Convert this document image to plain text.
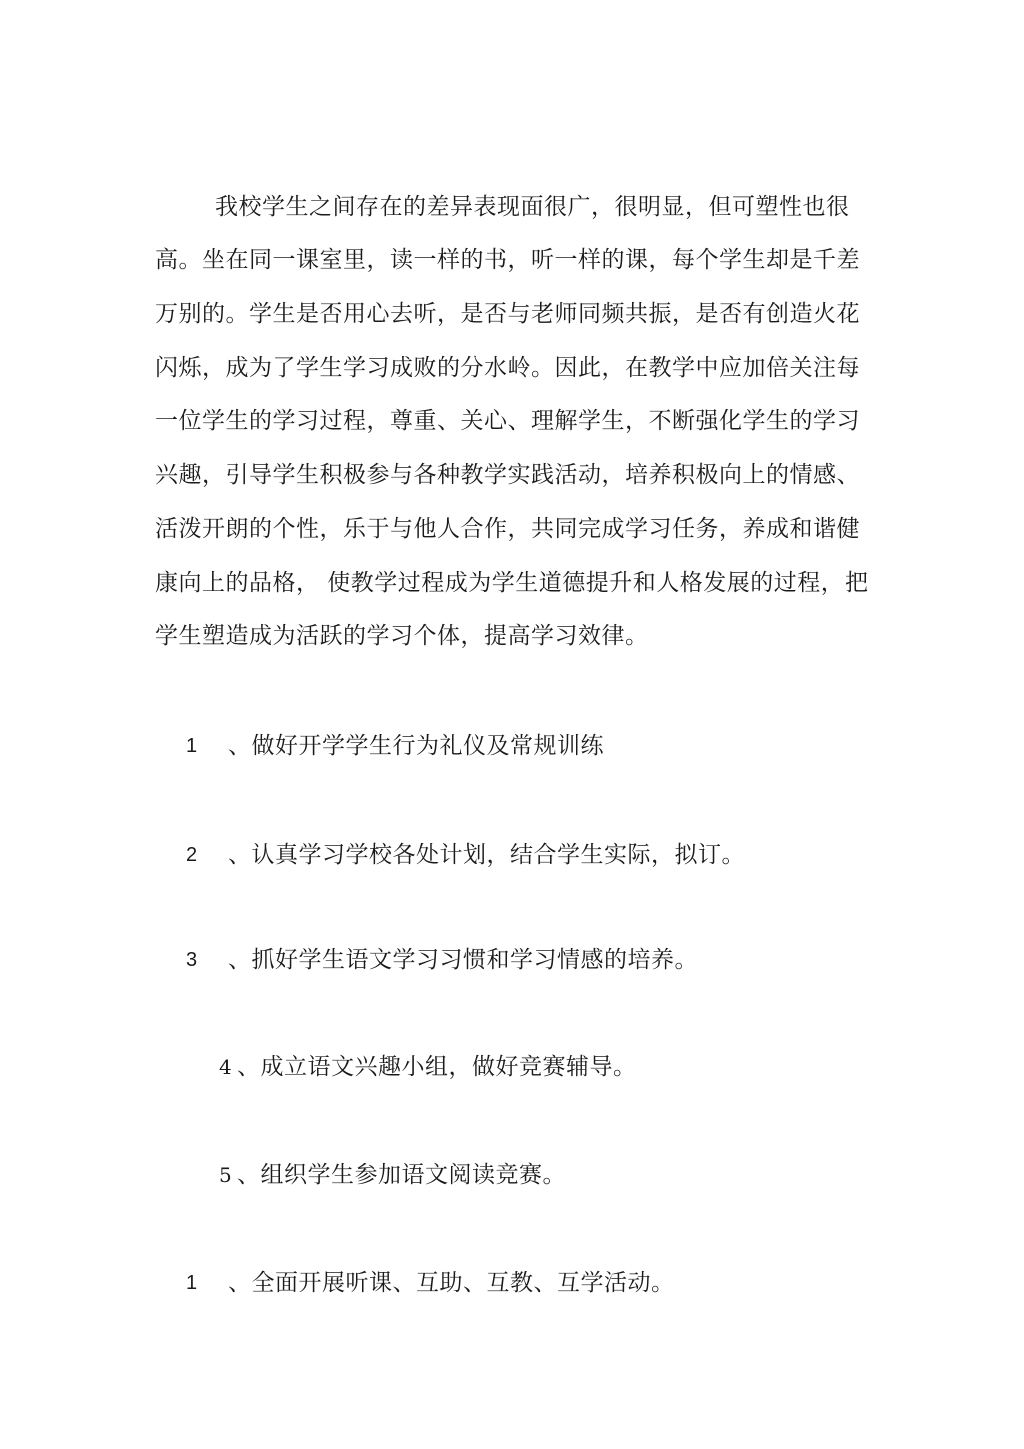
我校学生之间存在的差异表现面很广，很明显，但可塑性也很
高。坐在同一课室里，读一样的书，听一样的课，每个学生却是千差
万别的。学生是否用心去听，是否与老师同频共振，是否有创造火花
闪烁，成为了学生学习成败的分水岭。因此，在教学中应加倍关注每
一位学生的学习过程，尊重、关心、理解学生，不断强化学生的学习
兴趣，引导学生积极参与各种教学实践活动，培养积极向上的情感、
活泼开朗的个性，乐于与他人合作，共同完成学习任务，养成和谐健
康向上的品格， 使教学过程成为学生道德提升和人格发展的过程， 把
学生塑造成为活跃的学习个体，提高学习效律。
1 、做好开学学生行为礼仪及常规训练
2 、认真学习学校各处计划，结合学生实际，拟订。
3 、抓好学生语文学习习惯和学习情感的培养。
4 、成立语文兴趣小组，做好竞赛辅导。
5 、组织学生参加语文阅读竞赛。
1 、全面开展听课、互助、互教、互学活动。
